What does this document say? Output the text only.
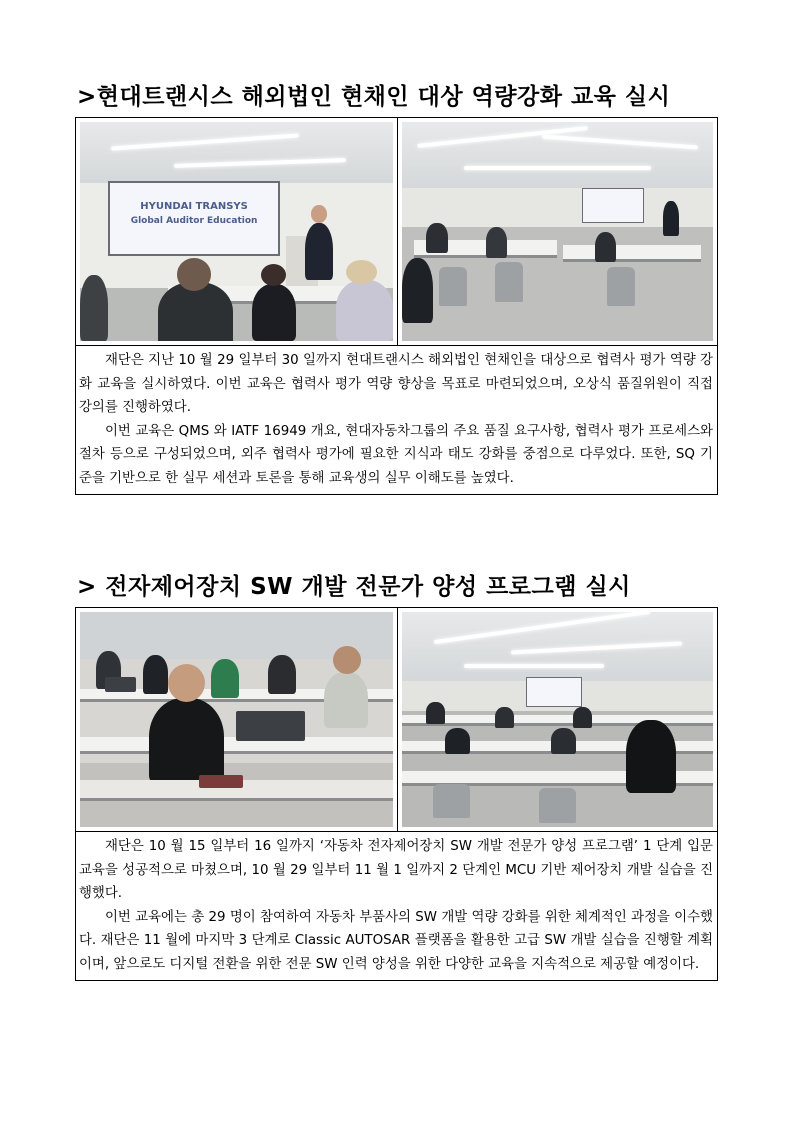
>현대트랜시스 해외법인 현채인 대상 역량강화 교육 실시
HYUNDAI TRANSYS
Global Auditor Education

재단은 지난 10 월 29 일부터 30 일까지 현대트랜시스 해외법인 현채인을 대상으로 협력사 평가 역량 강화 교육을 실시하였다. 이번 교육은 협력사 평가 역량 향상을 목표로 마련되었으며, 오상식 품질위원이 직접 강의를 진행하였다.

이번 교육은 QMS 와 IATF 16949 개요, 현대자동차그룹의 주요 품질 요구사항, 협력사 평가 프로세스와 절차 등으로 구성되었으며, 외주 협력사 평가에 필요한 지식과 태도 강화를 중점으로 다루었다. 또한, SQ 기준을 기반으로 한 실무 세션과 토론을 통해 교육생의 실무 이해도를 높였다.

> 전자제어장치 SW 개발 전문가 양성 프로그램 실시

재단은 10 월 15 일부터 16 일까지 ‘자동차 전자제어장치 SW 개발 전문가 양성 프로그램’ 1 단계 입문 교육을 성공적으로 마쳤으며, 10 월 29 일부터 11 월 1 일까지 2 단계인 MCU 기반 제어장치 개발 실습을 진행했다.

이번 교육에는 총 29 명이 참여하여 자동차 부품사의 SW 개발 역량 강화를 위한 체계적인 과정을 이수했다. 재단은 11 월에 마지막 3 단계로 Classic AUTOSAR 플랫폼을 활용한 고급 SW 개발 실습을 진행할 계획이며, 앞으로도 디지털 전환을 위한 전문 SW 인력 양성을 위한 다양한 교육을 지속적으로 제공할 예정이다.
